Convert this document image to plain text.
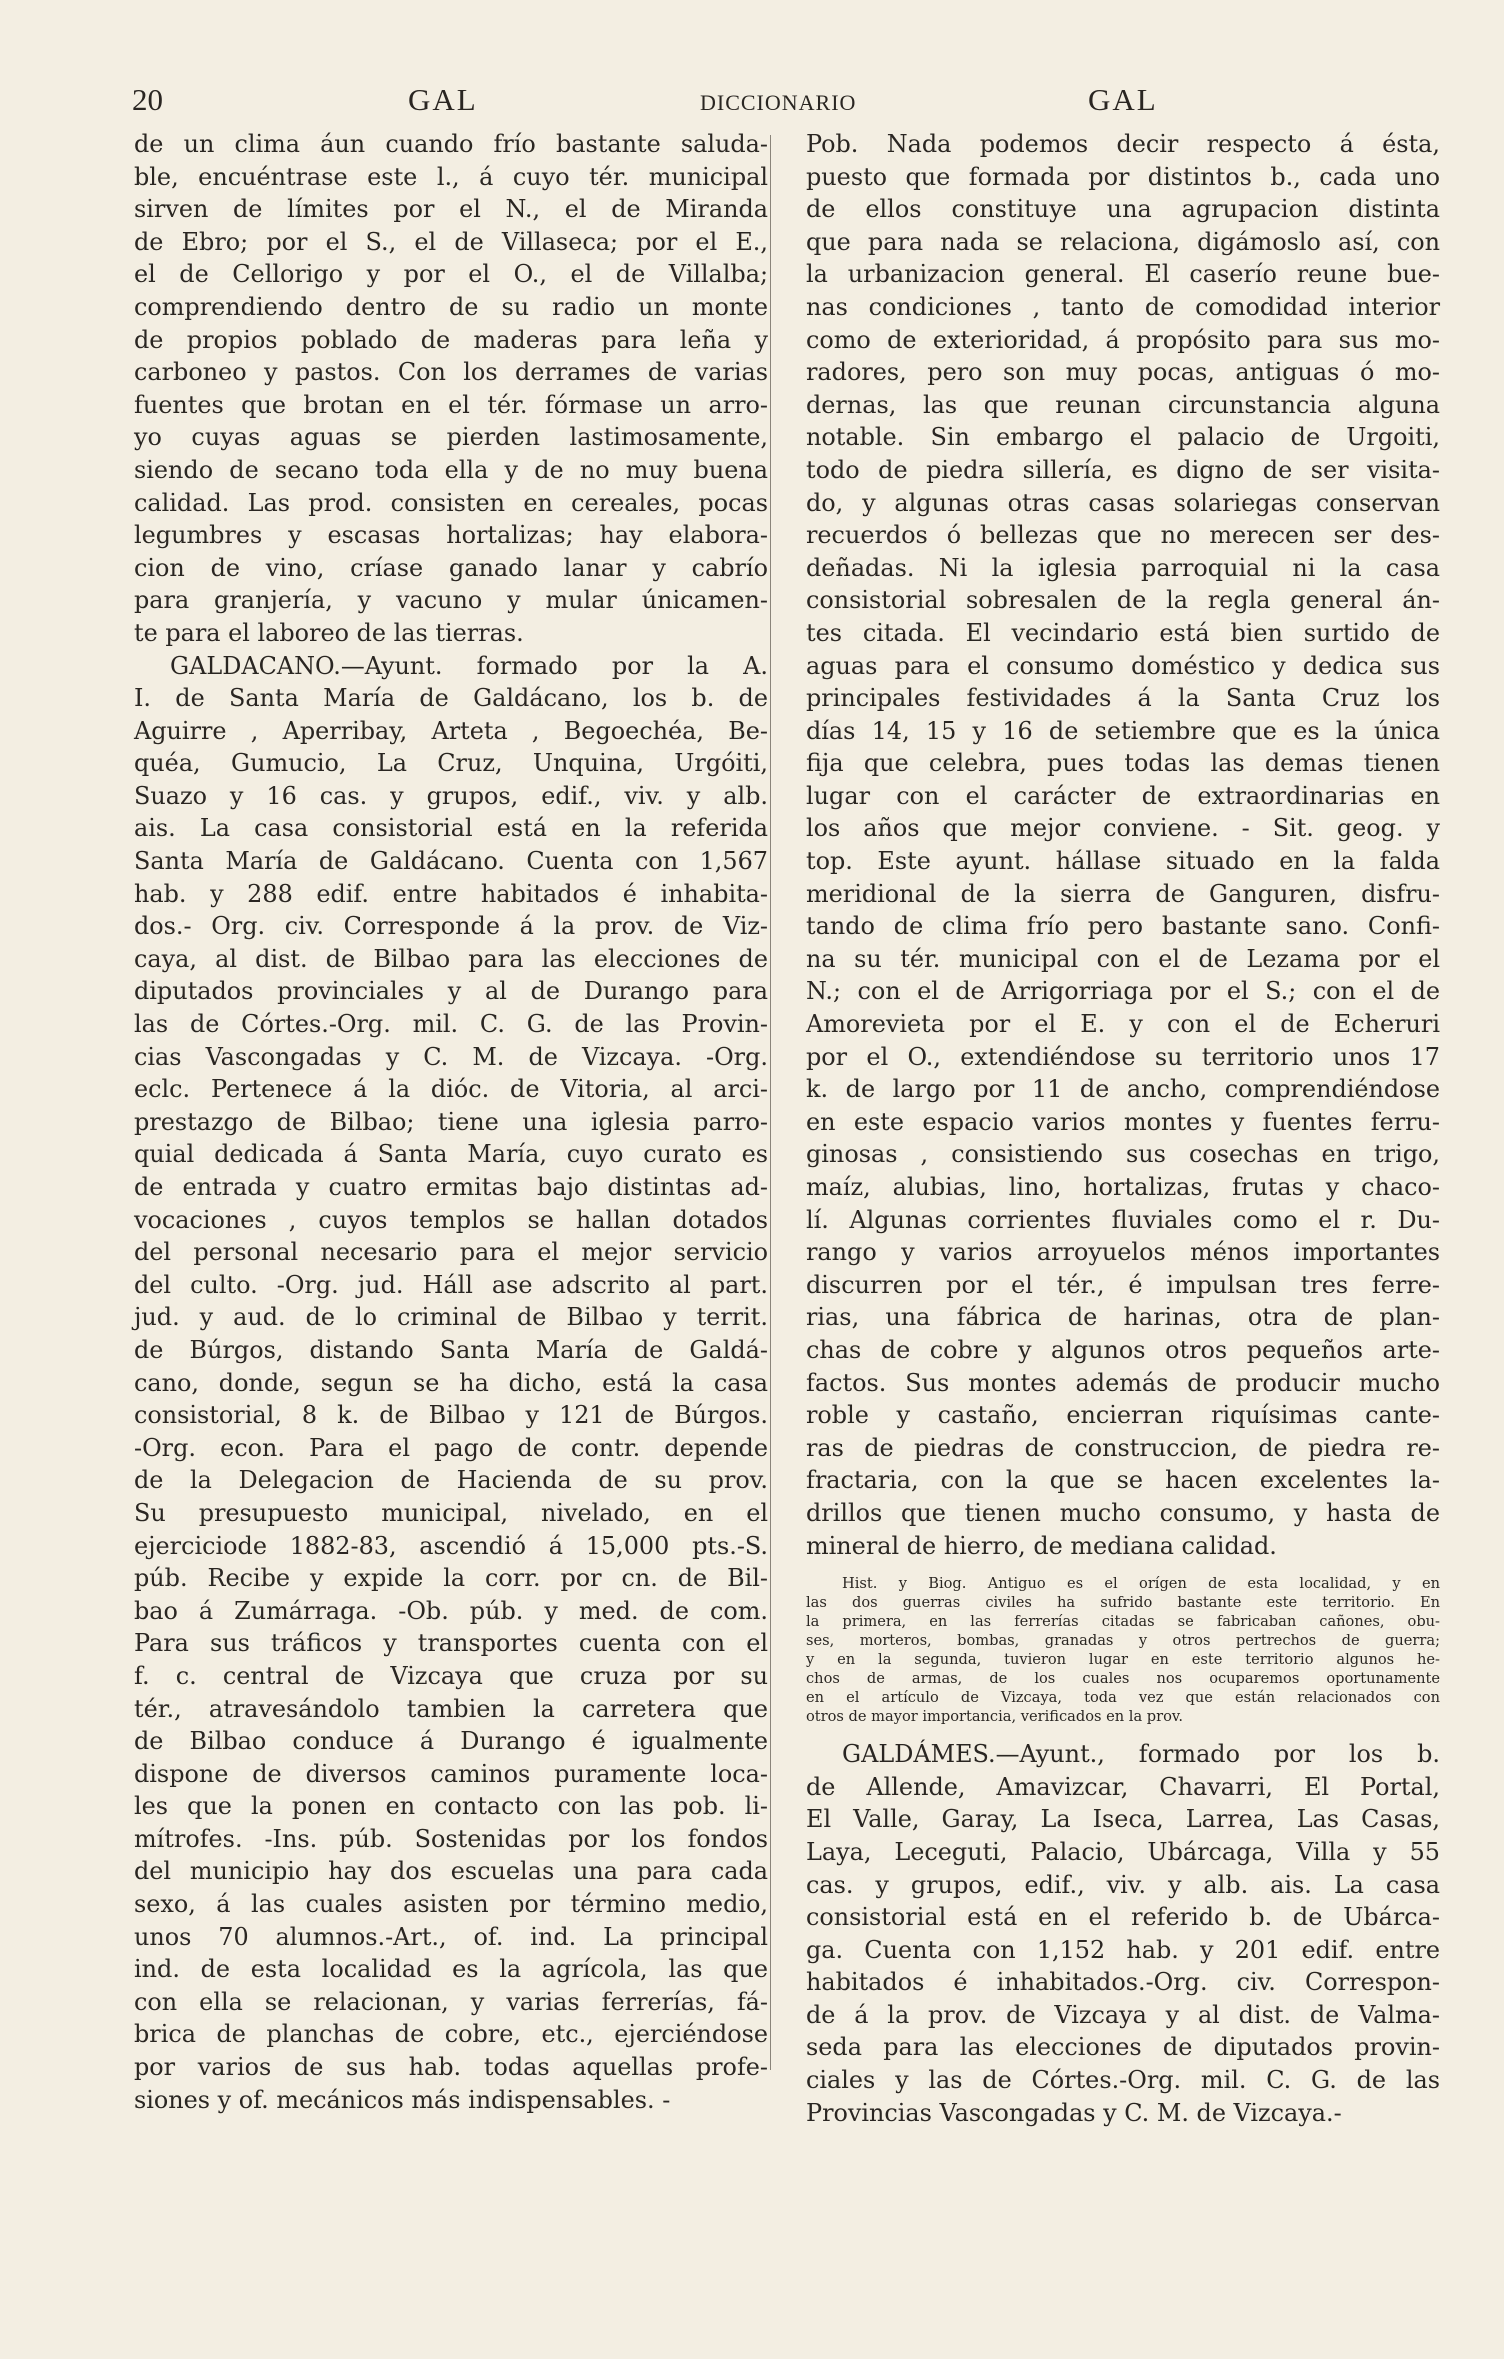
20	GAL	DICCIONARIO	GAL
de un clima áun cuando frío bastante saluda-
ble, encuéntrase este l., á cuyo tér. municipal
sirven de límites por el N., el de Miranda
de Ebro; por el S., el de Villaseca; por el E.,
el de Cellorigo y por el O., el de Villalba;
comprendiendo dentro de su radio un monte
de propios poblado de maderas para leña y
carboneo y pastos. Con los derrames de varias
fuentes que brotan en el tér. fórmase un arro-
yo cuyas aguas se pierden lastimosamente,
siendo de secano toda ella y de no muy buena
calidad. Las prod. consisten en cereales, pocas
legumbres y escasas hortalizas; hay elabora-
cion de vino, críase ganado lanar y cabrío
para granjería, y vacuno y mular únicamen-
te para el laboreo de las tierras.
GALDACANO.—Ayunt. formado por la A.
I. de Santa María de Galdácano, los b. de
Aguirre , Aperribay, Arteta , Begoechéa, Be-
quéa, Gumucio, La Cruz, Unquina, Urgóiti,
Suazo y 16 cas. y grupos, edif., viv. y alb.
ais. La casa consistorial está en la referida
Santa María de Galdácano. Cuenta con 1,567
hab. y 288 edif. entre habitados é inhabita-
dos.- Org. civ. Corresponde á la prov. de Viz-
caya, al dist. de Bilbao para las elecciones de
diputados provinciales y al de Durango para
las de Córtes.-Org. mil. C. G. de las Provin-
cias Vascongadas y C. M. de Vizcaya. -Org.
eclc. Pertenece á la dióc. de Vitoria, al arci-
prestazgo de Bilbao; tiene una iglesia parro-
quial dedicada á Santa María, cuyo curato es
de entrada y cuatro ermitas bajo distintas ad-
vocaciones , cuyos templos se hallan dotados
del personal necesario para el mejor servicio
del culto. -Org. jud. Háll ase adscrito al part.
jud. y aud. de lo criminal de Bilbao y territ.
de Búrgos, distando Santa María de Galdá-
cano, donde, segun se ha dicho, está la casa
consistorial, 8 k. de Bilbao y 121 de Búrgos.
-Org. econ. Para el pago de contr. depende
de la Delegacion de Hacienda de su prov.
Su presupuesto municipal, nivelado, en el
ejerciciode 1882-83, ascendió á 15,000 pts.-S.
púb. Recibe y expide la corr. por cn. de Bil-
bao á Zumárraga. -Ob. púb. y med. de com.
Para sus tráficos y transportes cuenta con el
f. c. central de Vizcaya que cruza por su
tér., atravesándolo tambien la carretera que
de Bilbao conduce á Durango é igualmente
dispone de diversos caminos puramente loca-
les que la ponen en contacto con las pob. li-
mítrofes. -Ins. púb. Sostenidas por los fondos
del municipio hay dos escuelas una para cada
sexo, á las cuales asisten por término medio,
unos 70 alumnos.-Art., of. ind. La principal
ind. de esta localidad es la agrícola, las que
con ella se relacionan, y varias ferrerías, fá-
brica de planchas de cobre, etc., ejerciéndose
por varios de sus hab. todas aquellas profe-
siones y of. mecánicos más indispensables. -
Pob. Nada podemos decir respecto á ésta,
puesto que formada por distintos b., cada uno
de ellos constituye una agrupacion distinta
que para nada se relaciona, digámoslo así, con
la urbanizacion general. El caserío reune bue-
nas condiciones , tanto de comodidad interior
como de exterioridad, á propósito para sus mo-
radores, pero son muy pocas, antiguas ó mo-
dernas, las que reunan circunstancia alguna
notable. Sin embargo el palacio de Urgoiti,
todo de piedra sillería, es digno de ser visita-
do, y algunas otras casas solariegas conservan
recuerdos ó bellezas que no merecen ser des-
deñadas. Ni la iglesia parroquial ni la casa
consistorial sobresalen de la regla general án-
tes citada. El vecindario está bien surtido de
aguas para el consumo doméstico y dedica sus
principales festividades á la Santa Cruz los
días 14, 15 y 16 de setiembre que es la única
fija que celebra, pues todas las demas tienen
lugar con el carácter de extraordinarias en
los años que mejor conviene. - Sit. geog. y
top. Este ayunt. hállase situado en la falda
meridional de la sierra de Ganguren, disfru-
tando de clima frío pero bastante sano. Confi-
na su tér. municipal con el de Lezama por el
N.; con el de Arrigorriaga por el S.; con el de
Amorevieta por el E. y con el de Echeruri
por el O., extendiéndose su territorio unos 17
k. de largo por 11 de ancho, comprendiéndose
en este espacio varios montes y fuentes ferru-
ginosas , consistiendo sus cosechas en trigo,
maíz, alubias, lino, hortalizas, frutas y chaco-
lí. Algunas corrientes fluviales como el r. Du-
rango y varios arroyuelos ménos importantes
discurren por el tér., é impulsan tres ferre-
rias, una fábrica de harinas, otra de plan-
chas de cobre y algunos otros pequeños arte-
factos. Sus montes además de producir mucho
roble y castaño, encierran riquísimas cante-
ras de piedras de construccion, de piedra re-
fractaria, con la que se hacen excelentes la-
drillos que tienen mucho consumo, y hasta de
mineral de hierro, de mediana calidad.
Hist. y Biog. Antiguo es el orígen de esta localidad, y en
las dos guerras civiles ha sufrido bastante este territorio. En
la primera, en las ferrerías citadas se fabricaban cañones, obu-
ses, morteros, bombas, granadas y otros pertrechos de guerra;
y en la segunda, tuvieron lugar en este territorio algunos he-
chos de armas, de los cuales nos ocuparemos oportunamente
en el artículo de Vizcaya, toda vez que están relacionados con
otros de mayor importancia, verificados en la prov.
GALDÁMES.—Ayunt., formado por los b.
de Allende, Amavizcar, Chavarri, El Portal,
El Valle, Garay, La Iseca, Larrea, Las Casas,
Laya, Leceguti, Palacio, Ubárcaga, Villa y 55
cas. y grupos, edif., viv. y alb. ais. La casa
consistorial está en el referido b. de Ubárca-
ga. Cuenta con 1,152 hab. y 201 edif. entre
habitados é inhabitados.-Org. civ. Correspon-
de á la prov. de Vizcaya y al dist. de Valma-
seda para las elecciones de diputados provin-
ciales y las de Córtes.-Org. mil. C. G. de las
Provincias Vascongadas y C. M. de Vizcaya.-
